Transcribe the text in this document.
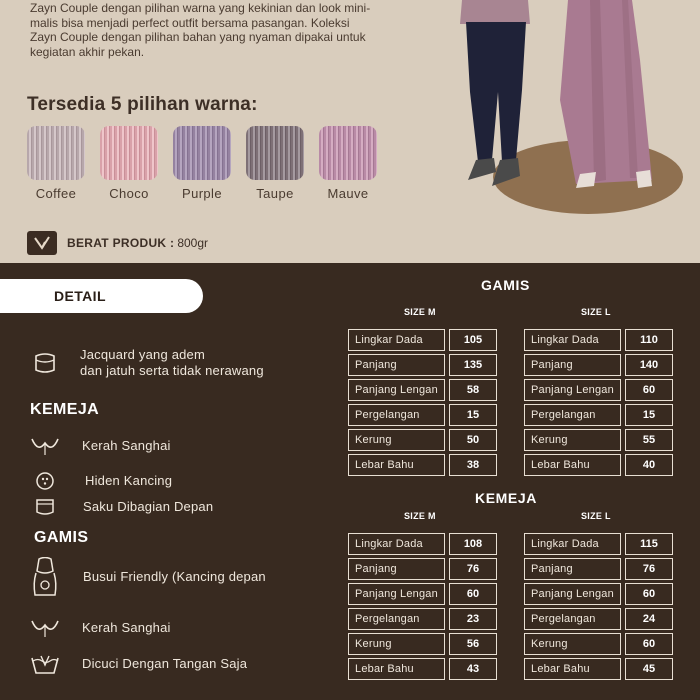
Zayn Couple dengan pilihan warna yang kekinian dan look mini-
malis bisa menjadi perfect outfit bersama pasangan. Koleksi
Zayn Couple dengan pilihan bahan yang nyaman dipakai untuk
kegiatan akhir pekan.
Tersedia 5 pilihan warna:
Coffee	Choco	Purple	Taupe	Mauve
BERAT PRODUK : 800gr
DETAIL
Jacquard yang adem
dan jatuh serta tidak nerawang
KEMEJA
Kerah Sanghai
Hiden Kancing
Saku Dibagian Depan
GAMIS
Busui Friendly (Kancing depan
Kerah Sanghai
Dicuci Dengan Tangan Saja
GAMIS
SIZE M	SIZE L
Lingkar Dada	105
Panjang	135
Panjang Lengan	58
Pergelangan	15
Kerung	50
Lebar Bahu	38
Lingkar Dada	110
Panjang	140
Panjang Lengan	60
Pergelangan	15
Kerung	55
Lebar Bahu	40
KEMEJA
SIZE M	SIZE L
Lingkar Dada	108
Panjang	76
Panjang Lengan	60
Pergelangan	23
Kerung	56
Lebar Bahu	43
Lingkar Dada	115
Panjang	76
Panjang Lengan	60
Pergelangan	24
Kerung	60
Lebar Bahu	45
